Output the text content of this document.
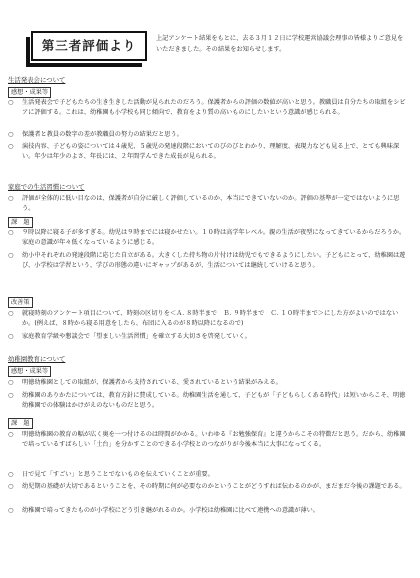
第三者評価より	上記アンケート結果をもとに、去る３月１２日に学校運営協議会理事の皆様よりご意見をいただきました。その結果をお知らせします。
生活発表会について
感想・成果等
○	生活発表会で子どもたちの生き生きした活動が見られたのだろう。保護者からの評価の数値が高いと思う。教職員は自分たちの取組をシビアに評価する。これは、幼稚園も小学校も同じ傾向で、教育をより質の高いものにしたいという意識が感じられる。
○	保護者と教員の数字の差が教職員の努力の結果だと思う。
○	演技内容、子どもの姿については４歳児、５歳児の発達段階においてのびのびとわかり、理解度、表現力なども見る上で、とても興味深い。年少は年少のよさ、年長には、２年間学んできた成長が見られる。
家庭での生活習慣について
○	評価が全体的に低い目なのは、保護者が自分に厳しく評価しているのか、本当にできていないのか。評価の基準が一定ではないように思う。
課　題
○	９時以降に寝る子が多すぎる。幼児は９時までには寝かせたい。１０時は高学年レベル。親の生活が夜型になってきているからだろうか。家庭の意識が年々低くなっているように感じる。
○	幼小中それぞれの発達段階に応じた自立がある。大きくした持ち物の片付けは幼児でもできるようにしたい。子どもにとって、幼稚園は遊び、小学校は学習という、学びの形態の違いにギャップがあるが、生活については継続していけると思う。
改善策
○	就寝時刻のアンケート項目について、時刻の区切りを＜Ａ. ８時半まで　Ｂ. ９時半まで　Ｃ. １０時半まで＞にした方がよいのではないか。(例えば、８時から寝る用意をしたら、布団に入るのが８時以降になるので)
○	家庭教育学級や懇談会で「望ましい生活習慣」を確立する大切さを啓発していく。
幼稚園教育について
感想・成果等
○	明徳幼稚園としての取組が、保護者から支持されている、愛されているという結果がみえる。
○	幼稚園のありかたについては、教育方針に賛成している。幼稚園生活を通して、子どもが「子どもらしくある時代」は短いからこそ、明徳幼稚園での体験はかけがえのないものだと思う。
課　題
○	明徳幼稚園の教育の幅が広く奥を一つ付けるのは時間がかかる。いわゆる『お勉強保育』と違うからこその特徴だと思う。だから、幼稚園で培っているすばらしい「土台」を分かすことのできる小学校とのつながりが今後本当に大事になってくる。
○	日で見て「すごい」と思うことでないものを伝えていくことが重要。
○	幼児期の基礎が大切であるということを、その時期に何が必要なのかということがどうすれば伝わるのかが、まだまだ今後の課題である。
○	幼稚園で培ってきたものが小学校にどう引き継がれるのか。小学校は幼稚園に比べて連携への意識が薄い。
